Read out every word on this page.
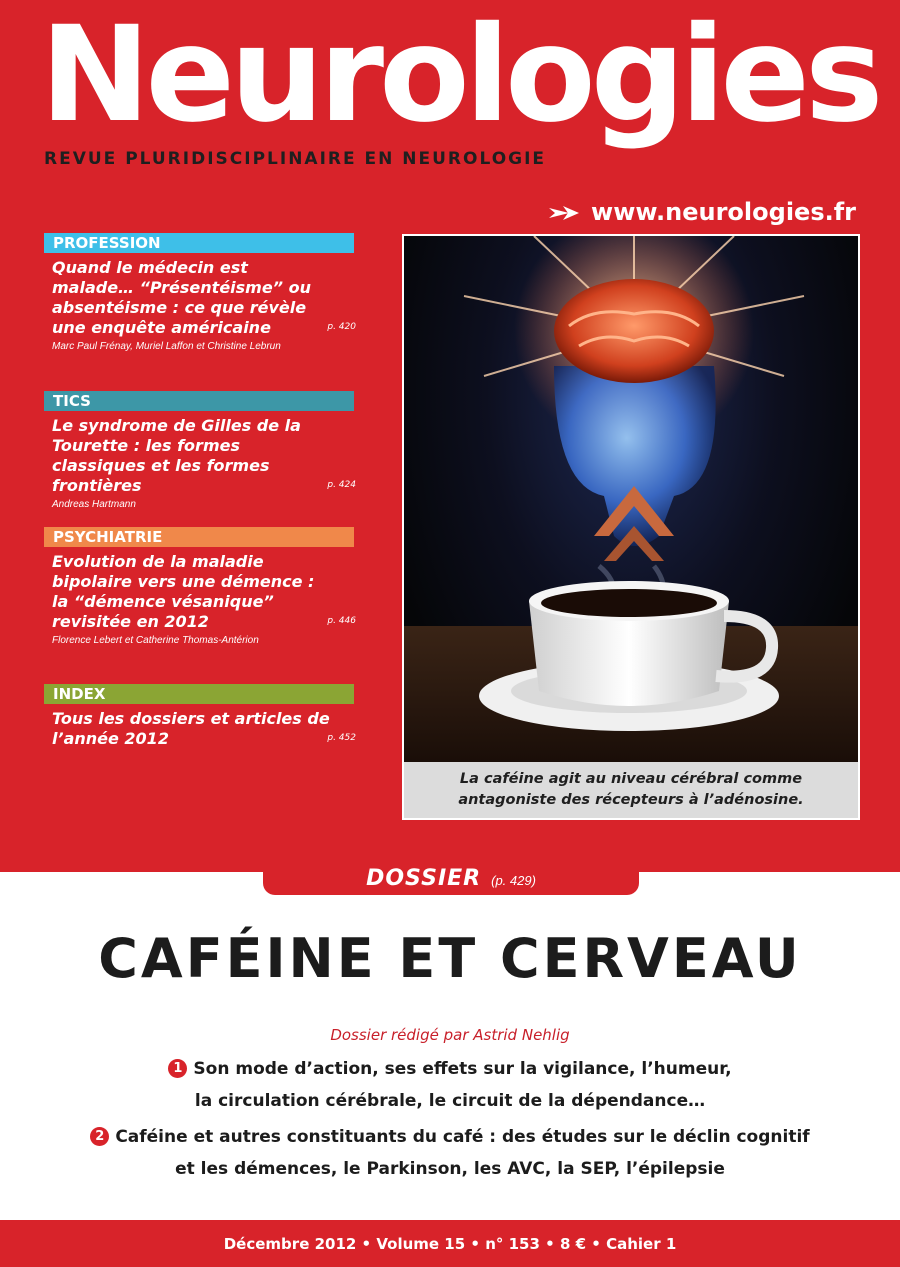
Neurologies
REVUE PLURIDISCIPLINAIRE EN NEUROLOGIE
www.neurologies.fr
PROFESSION
Quand le médecin est malade… “Présentéisme” ou absentéisme : ce que révèle une enquête américaine	p. 420
Marc Paul Frénay, Muriel Laffon et Christine Lebrun
TICS
Le syndrome de Gilles de la Tourette : les formes classiques et les formes frontières	p. 424
Andreas Hartmann
PSYCHIATRIE
Evolution de la maladie bipolaire vers une démence : la “démence vésanique” revisitée en 2012	p. 446
Florence Lebert et Catherine Thomas-Antérion
INDEX
Tous les dossiers et articles de l’année 2012	p. 452
La caféine agit au niveau cérébral comme
antagoniste des récepteurs à l’adénosine.
DOSSIER (p. 429)
CAFÉINE ET CERVEAU
Dossier rédigé par Astrid Nehlig
1 Son mode d’action, ses effets sur la vigilance, l’humeur,
la circulation cérébrale, le circuit de la dépendance…
2 Caféine et autres constituants du café : des études sur le déclin cognitif
et les démences, le Parkinson, les AVC, la SEP, l’épilepsie
Décembre 2012 • Volume 15 • n° 153 • 8 € • Cahier 1
